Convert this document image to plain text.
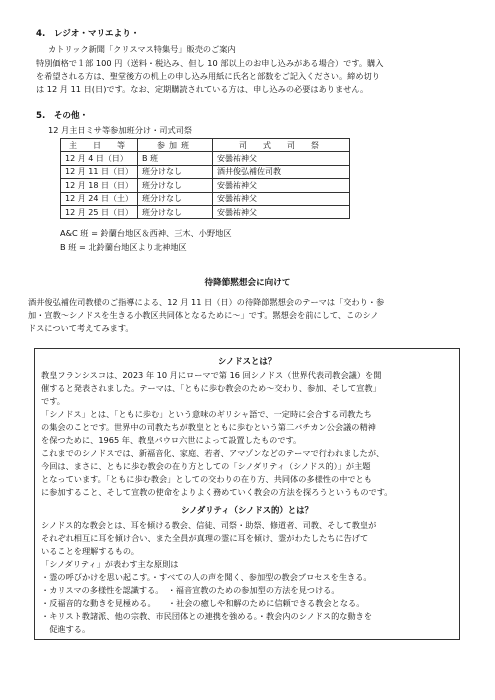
4.　レジオ・マリエより・
カトリック新聞「クリスマス特集号」販売のご案内
特別価格で１部 100 円（送料・税込み、但し 10 部以上のお申し込みがある場合）です。購入
を希望される方は、聖堂後方の机上の申し込み用紙に氏名と部数をご記入ください。締め切り
は 12 月 11 日(日)です。なお、定期購読されている方は、申し込みの必要はありません。
5.　その他・
12 月主日ミサ等参加班分け・司式司祭
主　日　等	参加班	司　式　司　祭
12 月 4 日（日）	B 班	安曇祐神父
12 月 11 日（日）	班分けなし	酒井俊弘補佐司教
12 月 18 日（日）	班分けなし	安曇祐神父
12 月 24 日（土）	班分けなし	安曇祐神父
12 月 25 日（日）	班分けなし	安曇祐神父
A&C 班 = 鈴蘭台地区＆西神、三木、小野地区
B 班 = 北鈴蘭台地区より北神地区
待降節黙想会に向けて
酒井俊弘補佐司教様のご指導による、12 月 11 日（日）の待降節黙想会のテーマは「交わり・参
加・宣教～シノドスを生きる小教区共同体となるために～」です。黙想会を前にして、このシノ
ドスについて考えてみます。
シノドスとは？
教皇フランシスコは、2023 年 10 月にローマで第 16 回シノドス（世界代表司教会議）を開
催すると発表されました。テーマは、「ともに歩む教会のため～交わり、参加、そして宣教」
です。
「シノドス」とは、「ともに歩む」という意味のギリシャ語で、一定時に会合する司教たち
の集会のことです。世界中の司教たちが教皇とともに歩むという第二バチカン公会議の精神
を保つために、1965 年、教皇パウロ六世によって設置したものです。
これまでのシノドスでは、新福音化、家庭、若者、アマゾンなどのテーマで行われましたが、
今回は、まさに、ともに歩む教会の在り方としての「シノダリティ（シノドス的）」が主題
となっています。「ともに歩む教会」としての交わりの在り方、共同体の多様性の中でとも
に参加すること、そして宣教の使命をよりよく務めていく教会の方法を探ろうというものです。
シノダリティ（シノドス的）とは？
シノドス的な教会とは、耳を傾ける教会、信徒、司祭・助祭、修道者、司教、そして教皇が
それぞれ相互に耳を傾け合い、また全員が真理の霊に耳を傾け、霊がわたしたちに告げて
いることを理解するもの。
「シノダリティ」が表わす主な原則は
・霊の呼びかけを思い起こす。・すべての人の声を聞く、参加型の教会プロセスを生きる。
・カリスマの多様性を認識する。　・福音宣教のための参加型の方法を見つける。
・反福音的な動きを見極める。　　・社会の癒しや和解のために信頼できる教会となる。
・キリスト教諸派、他の宗教、市民団体との連携を強める。・教会内のシノドス的な動きを
　促進する。
